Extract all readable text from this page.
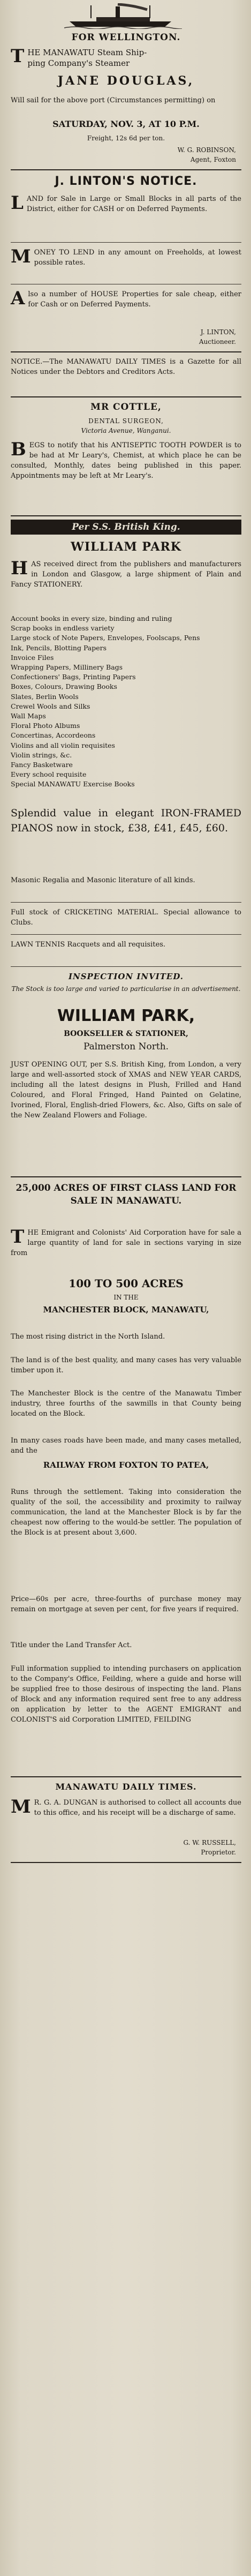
FOR WELLINGTON.
T HE MANAWATU Steam Ship-

ping Company's Steamer

JANE DOUGLAS,
Will sail for the above port (Circumstances permitting) on
SATURDAY, NOV. 3, AT 10 P.M.
Freight, 12s 6d per ton.
W. G. ROBINSON,
Agent, Foxton
J. LINTON'S NOTICE.
LAND for Sale in Large or Small Blocks in all parts of the District, either for CASH or on Deferred Payments.
MONEY TO LEND in any amount on Freeholds, at lowest possible rates.
Also a number of HOUSE Properties for sale cheap, either for Cash or on Deferred Payments.
J. LINTON,
Auctioneer.
NOTICE.—The MANAWATU DAILY TIMES is a Gazette for all Notices under the Debtors and Creditors Acts.
MR COTTLE,
DENTAL SURGEON,
Victoria Avenue, Wanganui.
BEGS to notify that his ANTISEPTIC TOOTH POWDER is to be had at Mr Leary's, Chemist, at which place he can be consulted, Monthly, dates being published in this paper. Appointments may be left at Mr Leary's.
Per S.S. British King.
WILLIAM PARK
HAS received direct from the publishers and manufacturers in London and Glasgow, a large shipment of Plain and Fancy STATIONERY.

Account books in every size, binding and ruling

Scrap books in endless variety

Large stock of Note Papers, Envelopes, Foolscaps, Pens

Ink, Pencils, Blotting Papers

Invoice Files

Wrapping Papers, Millinery Bags

Confectioners' Bags, Printing Papers

Boxes, Colours, Drawing Books

Slates, Berlin Wools

Crewel Wools and Silks

Wall Maps

Floral Photo Albums

Concertinas, Accordeons

Violins and all violin requisites

Violin strings, &c.

Fancy Basketware

Every school requisite

Special MANAWATU Exercise Books

Splendid value in elegant IRON-FRAMED PIANOS now in stock, £38, £41, £45, £60.
Masonic Regalia and Masonic literature of all kinds.
Full stock of CRICKETING MATERIAL. Special allowance to Clubs.
LAWN TENNIS Racquets and all requisites.
INSPECTION INVITED.
The Stock is too large and varied to particularise in an advertisement.
WILLIAM PARK,
BOOKSELLER & STATIONER,
Palmerston North.
JUST OPENING OUT, per S.S. British King, from London, a very large and well-assorted stock of XMAS and NEW YEAR CARDS, including all the latest designs in Plush, Frilled and Hand Coloured, and Floral Fringed, Hand Painted on Gelatine, Ivorined, Floral, English-dried Flowers, &c. Also, Gifts on sale of the New Zealand Flowers and Foliage.
25,000 ACRES OF FIRST CLASS LAND FOR SALE IN MANAWATU.
THE Emigrant and Colonists' Aid Corporation have for sale a large quantity of land for sale in sections varying in size from
100 TO 500 ACRES
IN THE
MANCHESTER BLOCK, MANAWATU,
The most rising district in the North Island.
The land is of the best quality, and many cases has very valuable timber upon it.
The Manchester Block is the centre of the Manawatu Timber industry, three fourths of the sawmills in that County being located on the Block.
In many cases roads have been made, and many cases metalled, and the
RAILWAY FROM FOXTON TO PATEA,
Runs through the settlement. Taking into consideration the quality of the soil, the accessibility and proximity to railway communication, the land at the Manchester Block is by far the cheapest now offering to the would-be settler. The population of the Block is at present about 3,600.
Price—60s per acre, three-fourths of purchase money may remain on mortgage at seven per cent, for five years if required.
Title under the Land Transfer Act.
Full information supplied to intending purchasers on application to the Company's Office, Feilding, where a guide and horse will be supplied free to those desirous of inspecting the land. Plans of Block and any information required sent free to any address on application by letter to the AGENT EMIGRANT and COLONIST'S aid Corporation LIMITED, FEILDING
MANAWATU DAILY TIMES.
M R. G. A. DUNGAN is authorised to collect all accounts due to this office, and his receipt will be a discharge of same.
G. W. RUSSELL,
Proprietor.
